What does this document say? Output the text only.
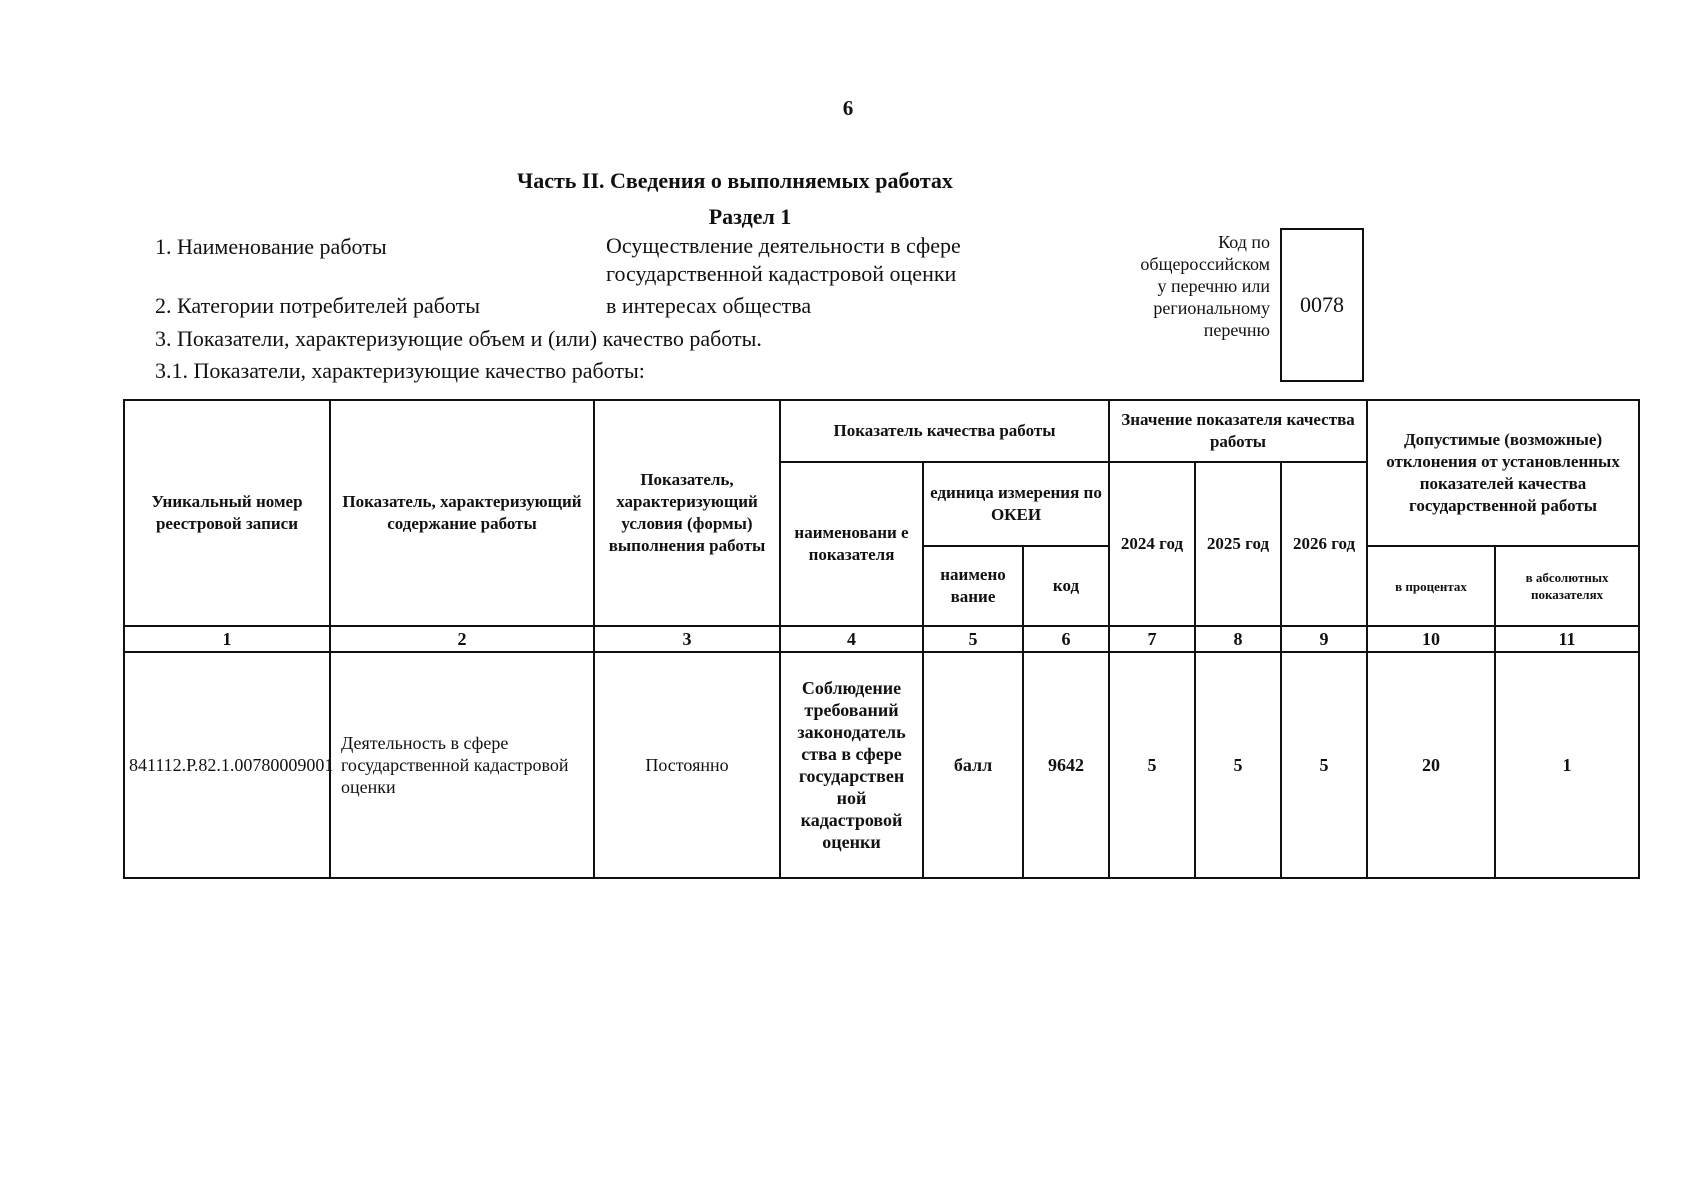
6
Часть II. Сведения о выполняемых работах
Раздел 1
1. Наименование работы	Осуществление деятельности в сфере
государственной кадастровой оценки
2. Категории потребителей работы	в интересах общества
3. Показатели, характеризующие объем и (или) качество работы.
3.1. Показатели, характеризующие качество работы:
Код по
общероссийском
у перечню или
региональному
перечню
0078
Уникальный номер реестровой записи	Показатель, характеризующий содержание работы	Показатель, характеризующий условия (формы) выполнения работы	Показатель качества работы			Значение показателя качества работы			Допустимые (возможные) отклонения от установленных показателей качества государственной работы	
			наименовани е показателя	единица измерения по ОКЕИ		2024 год	2025 год	2026 год		
				наимено вание	код				в процентах	в абсолютных показателях
1	2	3	4	5	6	7	8	9	10	11
841112.Р.82.1.00780009001	Деятельность в сфере государственной кадастровой оценки	Постоянно	Соблюдение требований законодатель ства в сфере государствен ной кадастровой оценки	балл	9642	5	5	5	20	1
